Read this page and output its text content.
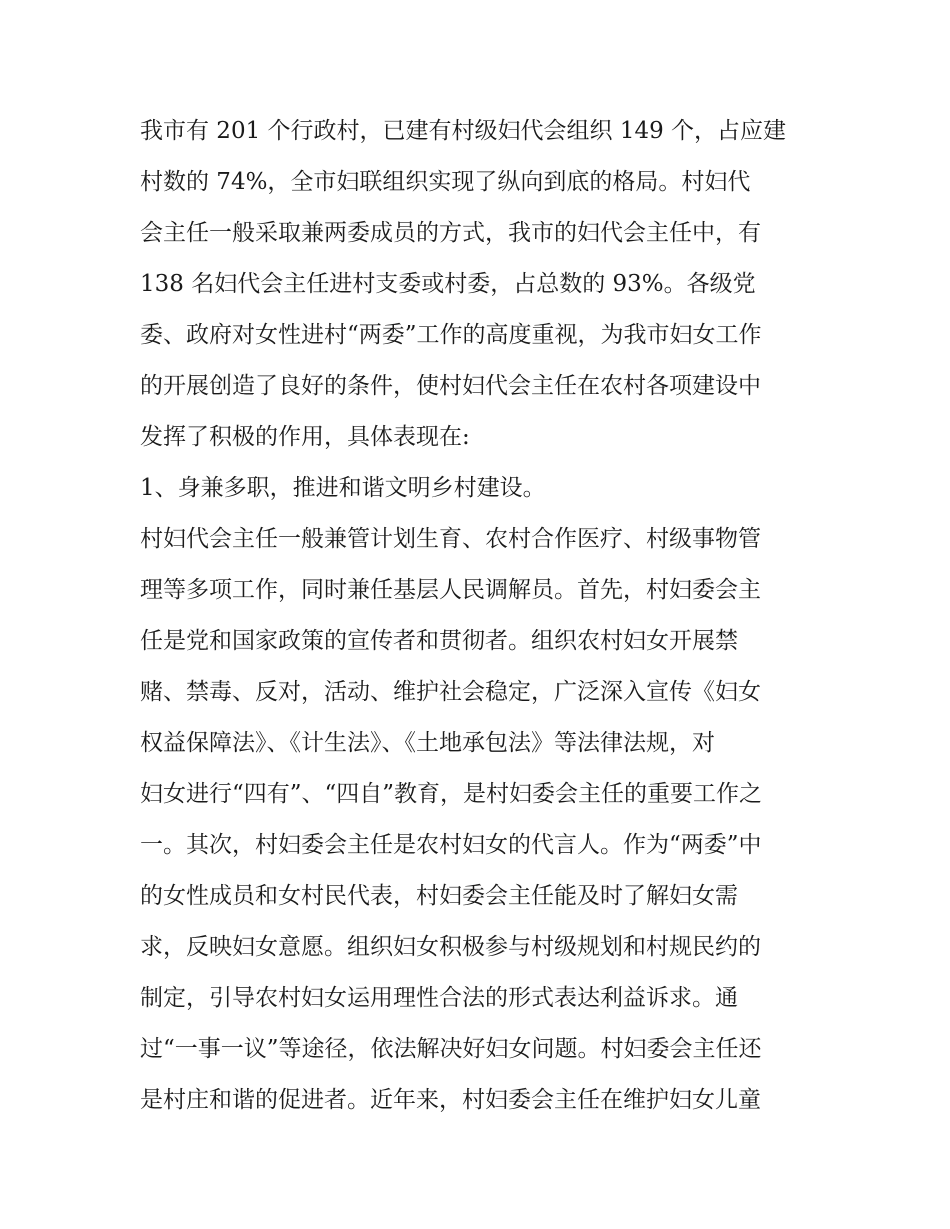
我市有 201 个行政村，已建有村级妇代会组织 149 个，占应建
村数的 74%，全市妇联组织实现了纵向到底的格局。村妇代
会主任一般采取兼两委成员的方式，我市的妇代会主任中，有
138 名妇代会主任进村支委或村委，占总数的 93%。各级党
委、政府对女性进村“两委”工作的高度重视，为我市妇女工作
的开展创造了良好的条件，使村妇代会主任在农村各项建设中
发挥了积极的作用，具体表现在:
1、身兼多职，推进和谐文明乡村建设。
村妇代会主任一般兼管计划生育、农村合作医疗、村级事物管
理等多项工作，同时兼任基层人民调解员。首先，村妇委会主
任是党和国家政策的宣传者和贯彻者。组织农村妇女开展禁
赌、禁毒、反对，活动、维护社会稳定，广泛深入宣传《妇女
权益保障法》、《计生法》、《土地承包法》等法律法规，对
妇女进行“四有”、“四自”教育，是村妇委会主任的重要工作之
一。其次，村妇委会主任是农村妇女的代言人。作为“两委”中
的女性成员和女村民代表，村妇委会主任能及时了解妇女需
求，反映妇女意愿。组织妇女积极参与村级规划和村规民约的
制定，引导农村妇女运用理性合法的形式表达利益诉求。通
过“一事一议”等途径，依法解决好妇女问题。村妇委会主任还
是村庄和谐的促进者。近年来，村妇委会主任在维护妇女儿童
